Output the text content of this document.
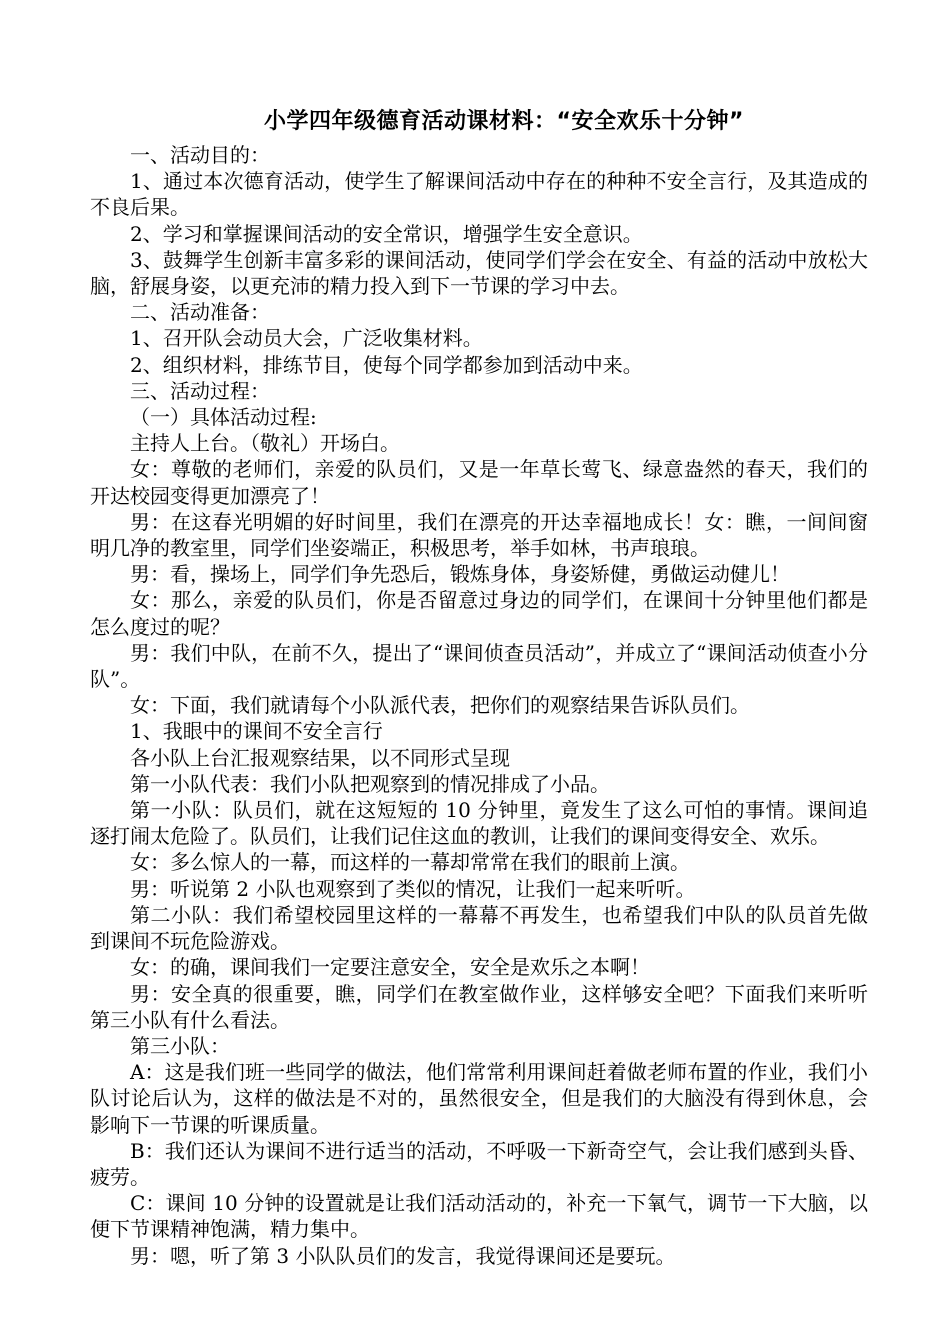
小学四年级德育活动课材料：“安全欢乐十分钟”

一、活动目的：

1、通过本次德育活动，使学生了解课间活动中存在的种种不安全言行，及其造成的不良后果。

2、学习和掌握课间活动的安全常识，增强学生安全意识。

3、鼓舞学生创新丰富多彩的课间活动，使同学们学会在安全、有益的活动中放松大脑，舒展身姿，以更充沛的精力投入到下一节课的学习中去。

二、活动准备：

1、召开队会动员大会，广泛收集材料。

2、组织材料，排练节目，使每个同学都参加到活动中来。

三、活动过程：

（一）具体活动过程:

主持人上台。（敬礼）开场白。

女：尊敬的老师们，亲爱的队员们，又是一年草长莺飞、绿意盎然的春天，我们的开达校园变得更加漂亮了！

男：在这春光明媚的好时间里，我们在漂亮的开达幸福地成长！女：瞧，一间间窗明几净的教室里，同学们坐姿端正，积极思考，举手如林，书声琅琅。

男：看，操场上，同学们争先恐后，锻炼身体，身姿矫健，勇做运动健儿！

女：那么，亲爱的队员们，你是否留意过身边的同学们，在课间十分钟里他们都是怎么度过的呢？

男：我们中队，在前不久，提出了“课间侦查员活动”，并成立了“课间活动侦查小分队”。

女：下面，我们就请每个小队派代表，把你们的观察结果告诉队员们。

1、我眼中的课间不安全言行

各小队上台汇报观察结果，以不同形式呈现

第一小队代表：我们小队把观察到的情况排成了小品。

第一小队：队员们，就在这短短的 10 分钟里，竟发生了这么可怕的事情。课间追逐打闹太危险了。队员们，让我们记住这血的教训，让我们的课间变得安全、欢乐。

女：多么惊人的一幕，而这样的一幕却常常在我们的眼前上演。

男：听说第 2 小队也观察到了类似的情况，让我们一起来听听。

第二小队：我们希望校园里这样的一幕幕不再发生，也希望我们中队的队员首先做到课间不玩危险游戏。

女：的确，课间我们一定要注意安全，安全是欢乐之本啊！

男：安全真的很重要，瞧，同学们在教室做作业，这样够安全吧？下面我们来听听第三小队有什么看法。

第三小队：

A：这是我们班一些同学的做法，他们常常利用课间赶着做老师布置的作业，我们小队讨论后认为，这样的做法是不对的，虽然很安全，但是我们的大脑没有得到休息，会影响下一节课的听课质量。

B：我们还认为课间不进行适当的活动，不呼吸一下新奇空气，会让我们感到头昏、疲劳。

C：课间 10 分钟的设置就是让我们活动活动的，补充一下氧气，调节一下大脑，以便下节课精神饱满，精力集中。

男：嗯，听了第 3 小队队员们的发言，我觉得课间还是要玩。
